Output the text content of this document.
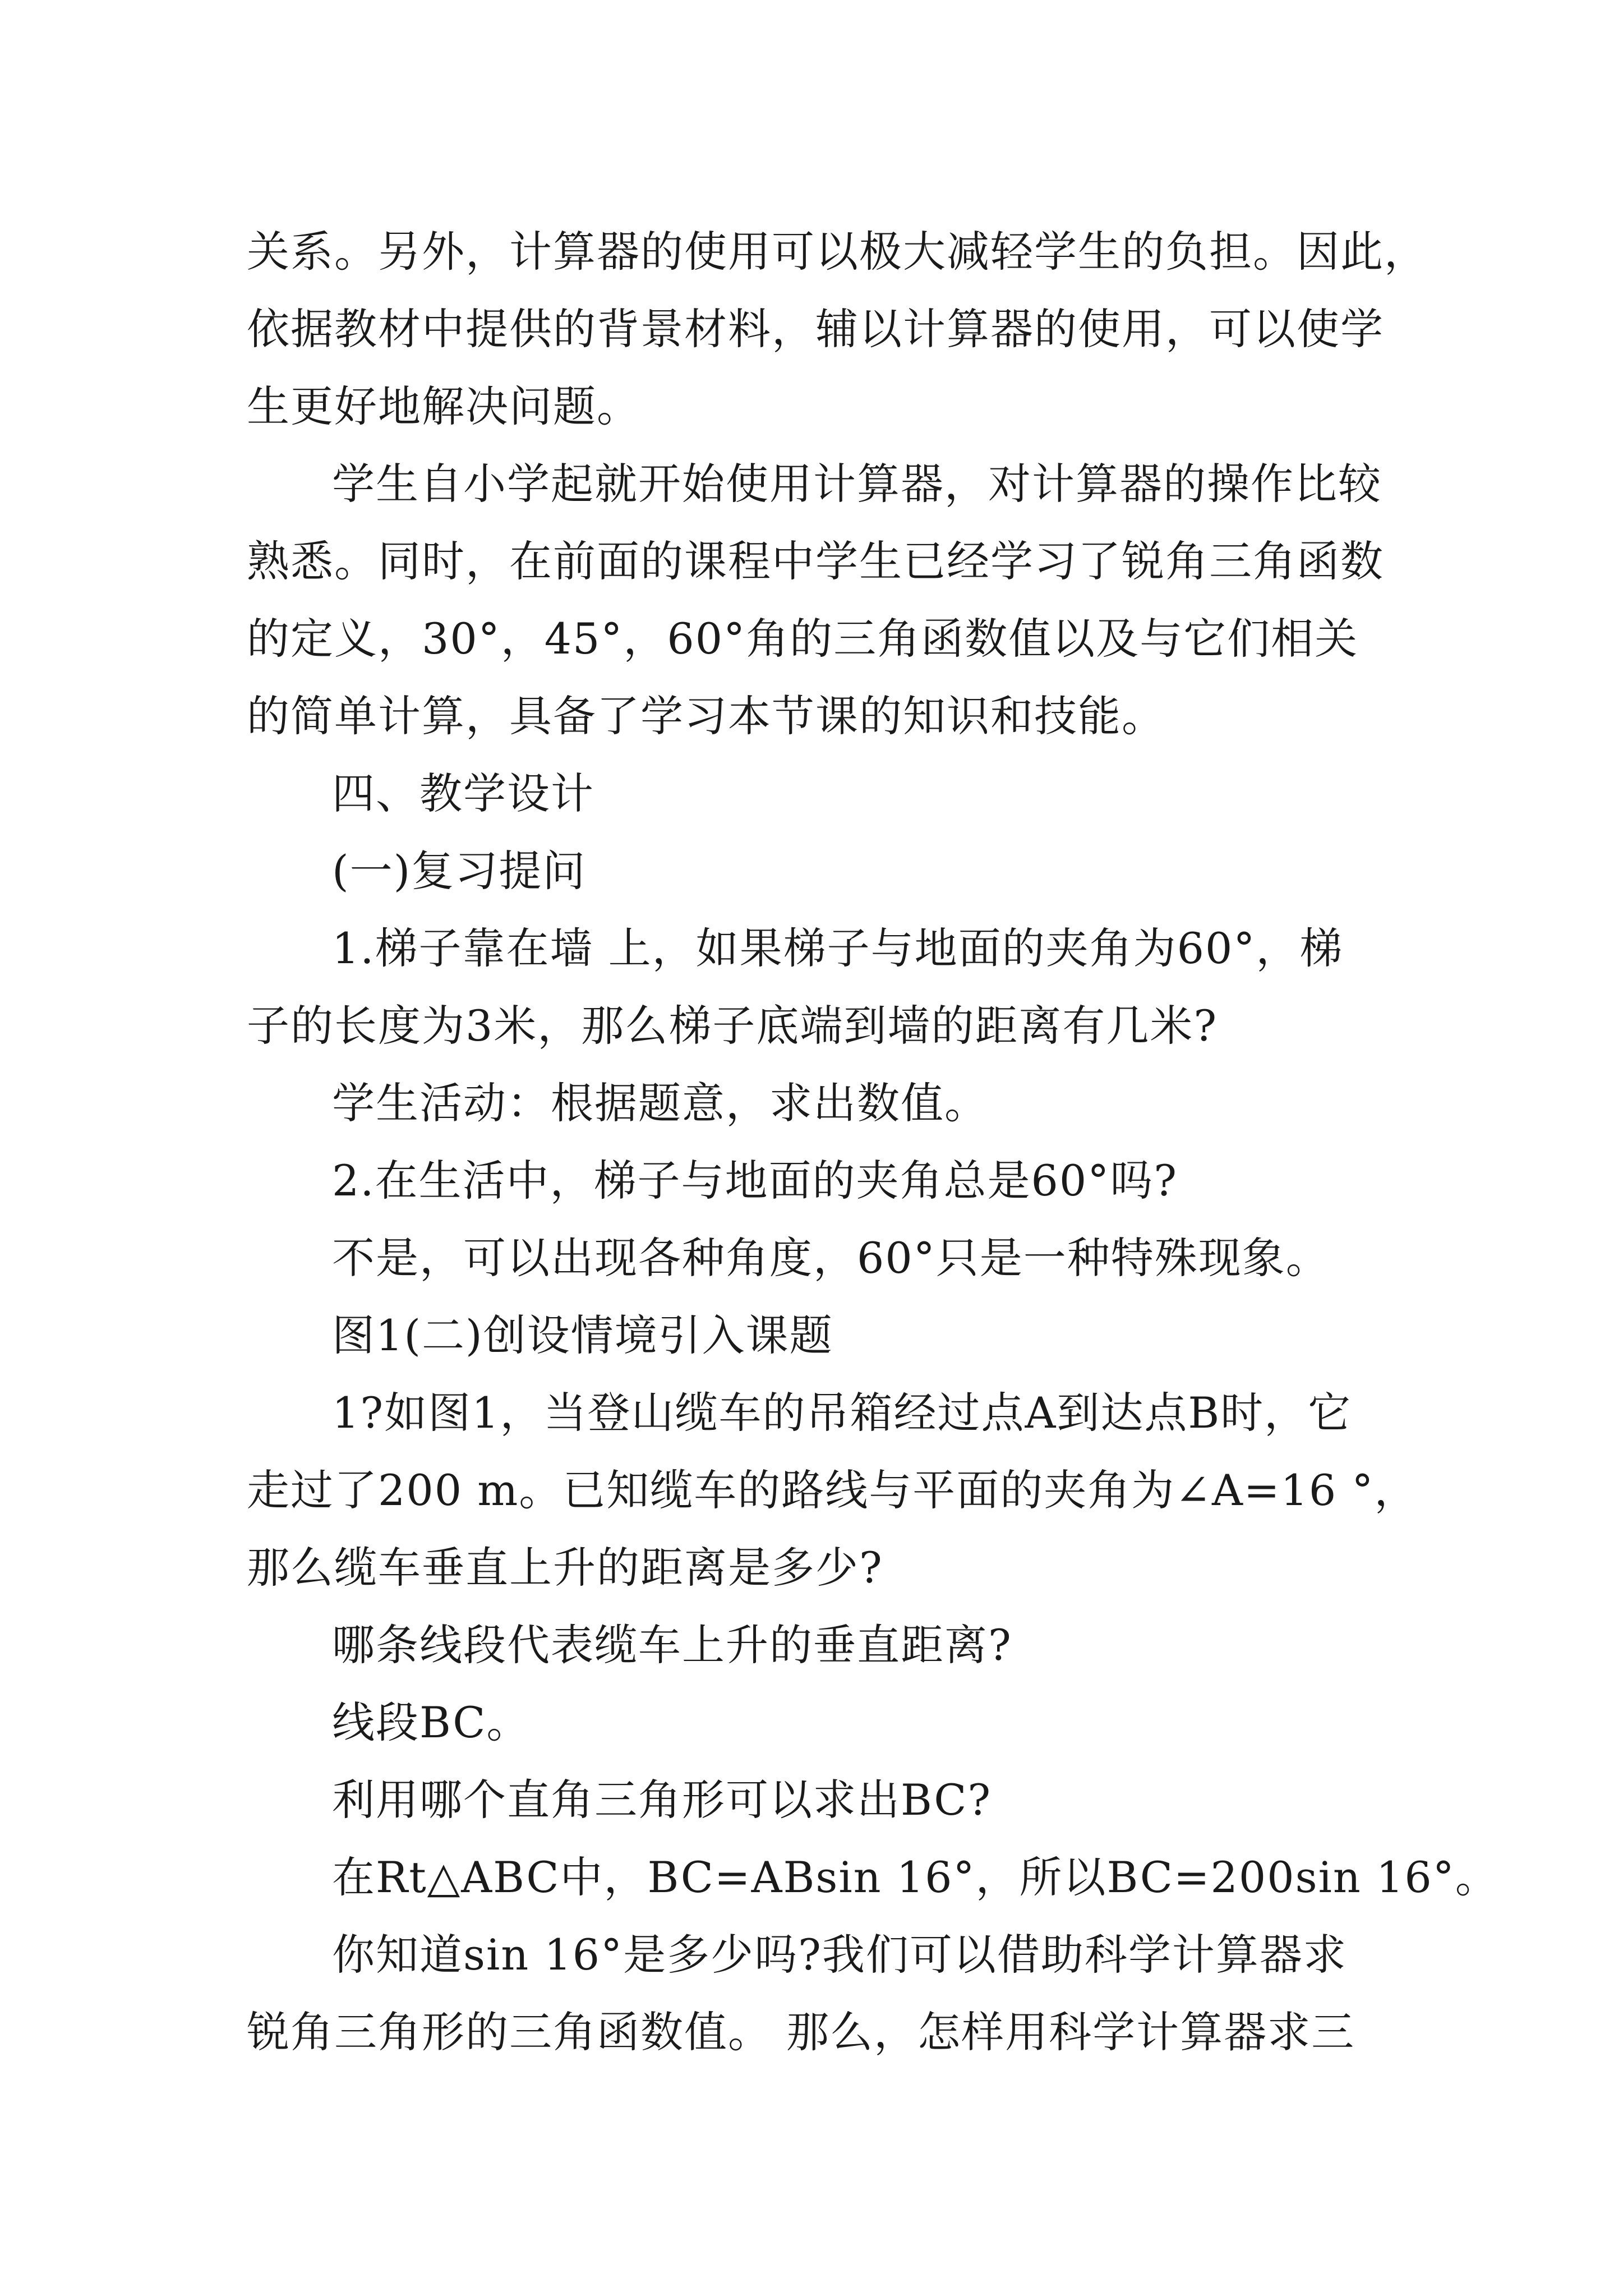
关系。另外，计算器的使用可以极大减轻学生的负担。因此，
依据教材中提供的背景材料，辅以计算器的使用，可以使学
生更好地解决问题。
学生自小学起就开始使用计算器，对计算器的操作比较
熟悉。同时，在前面的课程中学生已经学习了锐角三角函数
的定义，30°，45°，60°角的三角函数值以及与它们相关
的简单计算，具备了学习本节课的知识和技能。
四、教学设计
(一)复习提问
1.梯子靠在墙 上，如果梯子与地面的夹角为60°，梯
子的长度为3米，那么梯子底端到墙的距离有几米?
学生活动：根据题意，求出数值。
2.在生活中，梯子与地面的夹角总是60°吗?
不是，可以出现各种角度，60°只是一种特殊现象。
图1(二)创设情境引入课题
1?如图1，当登山缆车的吊箱经过点A到达点B时，它
走过了200 m。已知缆车的路线与平面的夹角为∠A=16 °，
那么缆车垂直上升的距离是多少?
哪条线段代表缆车上升的垂直距离?
线段BC。
利用哪个直角三角形可以求出BC?
在Rt△ABC中，BC=ABsin 16°，所以BC=200sin 16°。
你知道sin 16°是多少吗?我们可以借助科学计算器求
锐角三角形的三角函数值。 那么，怎样用科学计算器求三
